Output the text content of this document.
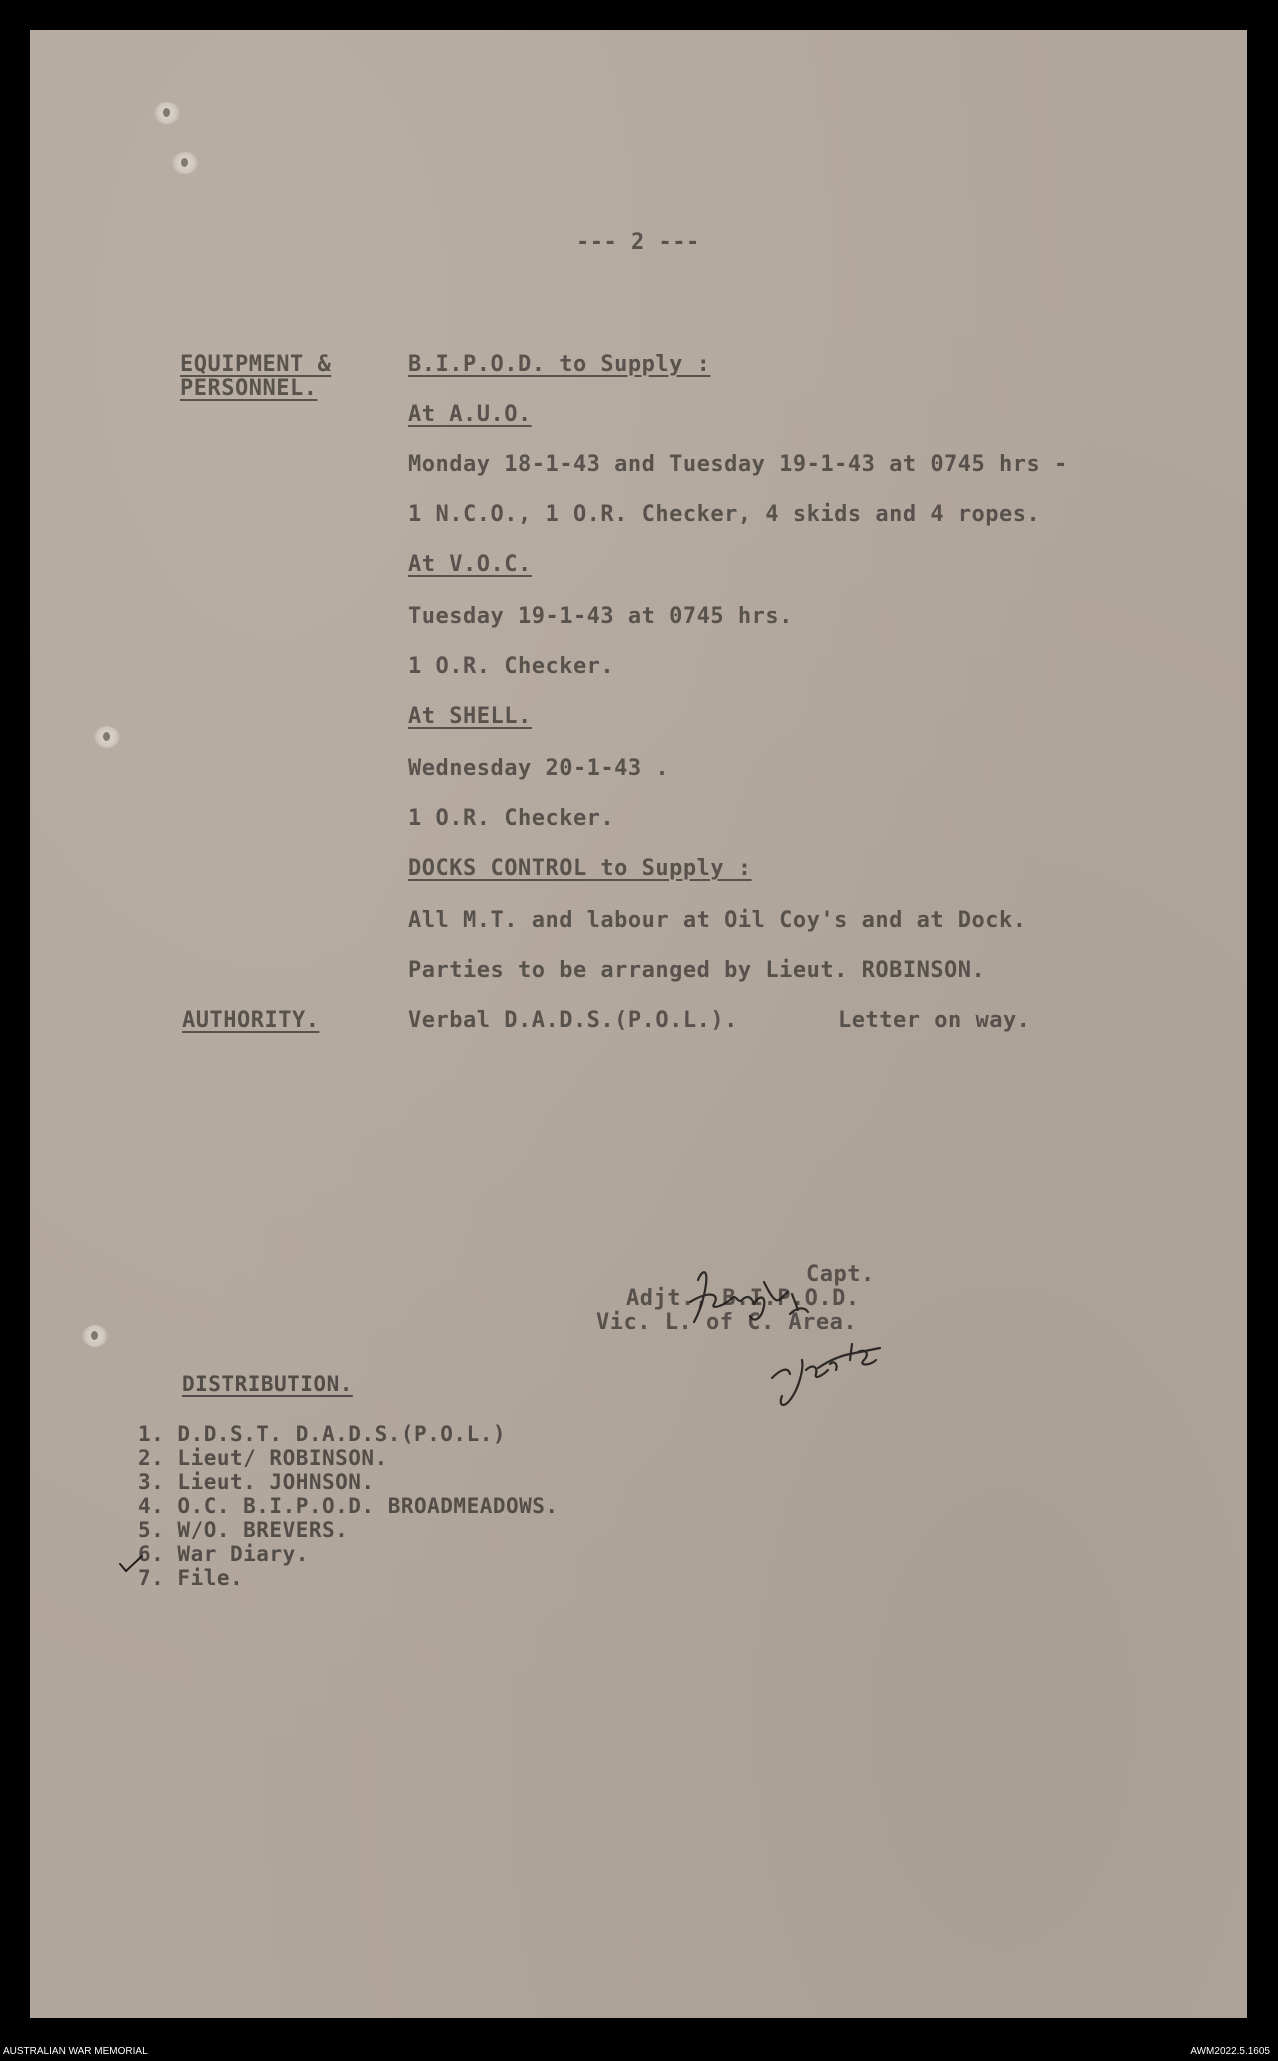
--- 2 ---
EQUIPMENT &
PERSONNEL.
B.I.P.O.D. to Supply :
At A.U.O.
Monday 18-1-43 and Tuesday 19-1-43 at 0745 hrs -
1 N.C.O., 1 O.R. Checker, 4 skids and 4 ropes.
At V.O.C.
Tuesday 19-1-43 at 0745 hrs.
1 O.R. Checker.
At SHELL.
Wednesday 20-1-43 .
1 O.R. Checker.
DOCKS CONTROL to Supply :
All M.T. and labour at Oil Coy's and at Dock.
Parties to be arranged by Lieut. ROBINSON.
AUTHORITY.	Verbal D.A.D.S.(P.O.L.).	Letter on way.
Capt.
Adjt., B.I.P.O.D.
Vic. L. of C. Area.
DISTRIBUTION.
1. D.D.S.T. D.A.D.S.(P.O.L.)
2. Lieut/ ROBINSON.
3. Lieut. JOHNSON.
4. O.C. B.I.P.O.D. BROADMEADOWS.
5. W/O. BREVERS.
6. War Diary.
7. File.
AUSTRALIAN WAR MEMORIAL	AWM2022.5.1605
